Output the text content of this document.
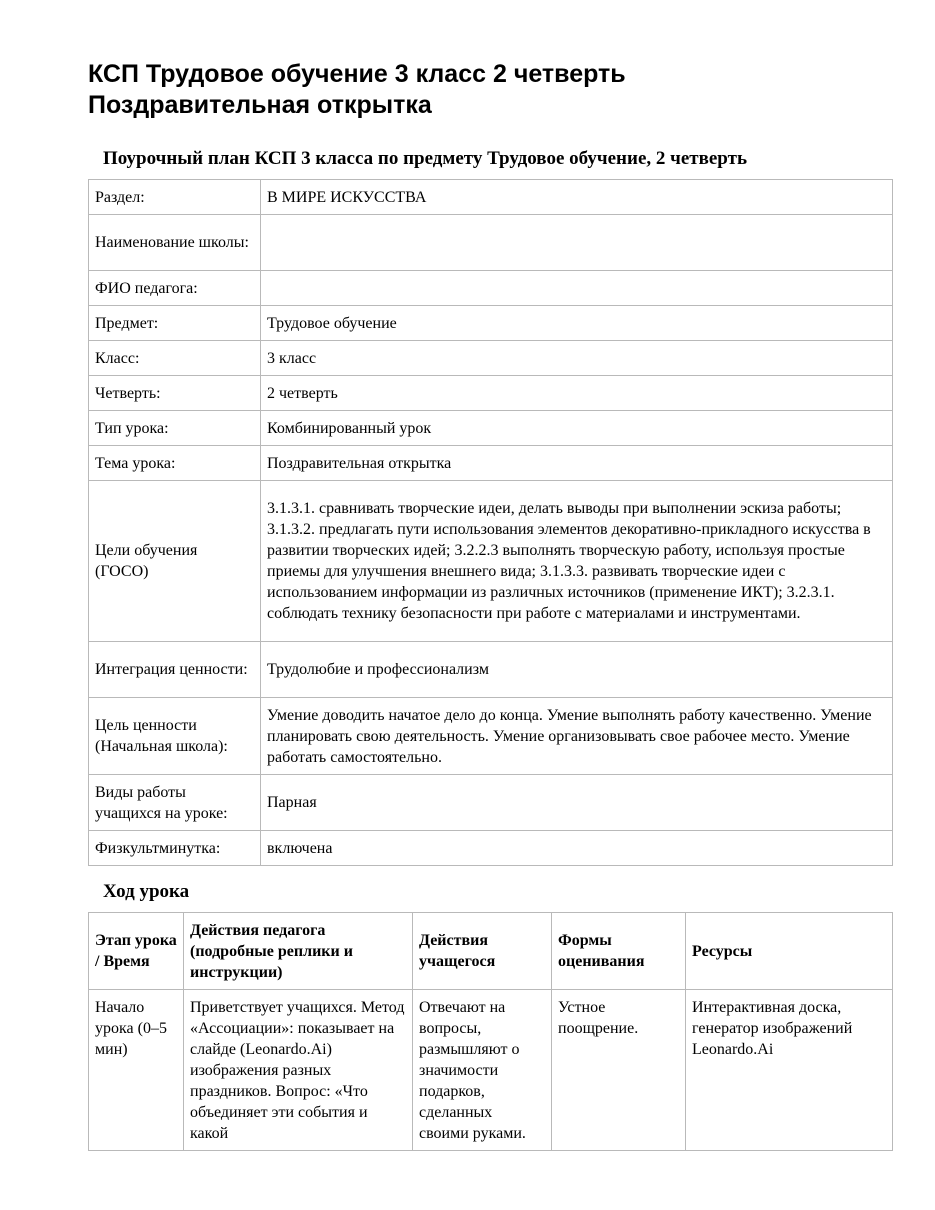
КСП Трудовое обучение 3 класс 2 четверть
Поздравительная открытка
Поурочный план КСП 3 класса по предмету Трудовое обучение, 2 четверть
Раздел:	В МИРЕ ИСКУССТВА
Наименование школы:	
ФИО педагога:	
Предмет:	Трудовое обучение
Класс:	3 класс
Четверть:	2 четверть
Тип урока:	Комбинированный урок
Тема урока:	Поздравительная открытка
Цели обучения (ГОСО)	3.1.3.1. сравнивать творческие идеи, делать выводы при выполнении эскиза работы; 3.1.3.2. предлагать пути использования элементов декоративно-прикладного искусства в развитии творческих идей; 3.2.2.3 выполнять творческую работу, используя простые приемы для улучшения внешнего вида; 3.1.3.3. развивать творческие идеи с использованием информации из различных источников (применение ИКТ); 3.2.3.1. соблюдать технику безопасности при работе с материалами и инструментами.
Интеграция ценности:	Трудолюбие и профессионализм
Цель ценности (Начальная школа):	Умение доводить начатое дело до конца. Умение выполнять работу качественно. Умение планировать свою деятельность. Умение организовывать свое рабочее место. Умение работать самостоятельно.
Виды работы учащихся на уроке:	Парная
Физкультминутка:	включена
Ход урока
Этап урока / Время	Действия педагога (подробные реплики и инструкции)	Действия учащегося	Формы оценивания	Ресурсы

Начало урока (0–5 мин)	Приветствует учащихся. Метод «Ассоциации»: показывает на слайде (Leonardo.Ai) изображения разных праздников. Вопрос: «Что объединяет эти события и какой	Отвечают на вопросы, размышляют о значимости подарков, сделанных своими руками.	Устное поощрение.	Интерактивная доска, генератор изображений Leonardo.Ai
